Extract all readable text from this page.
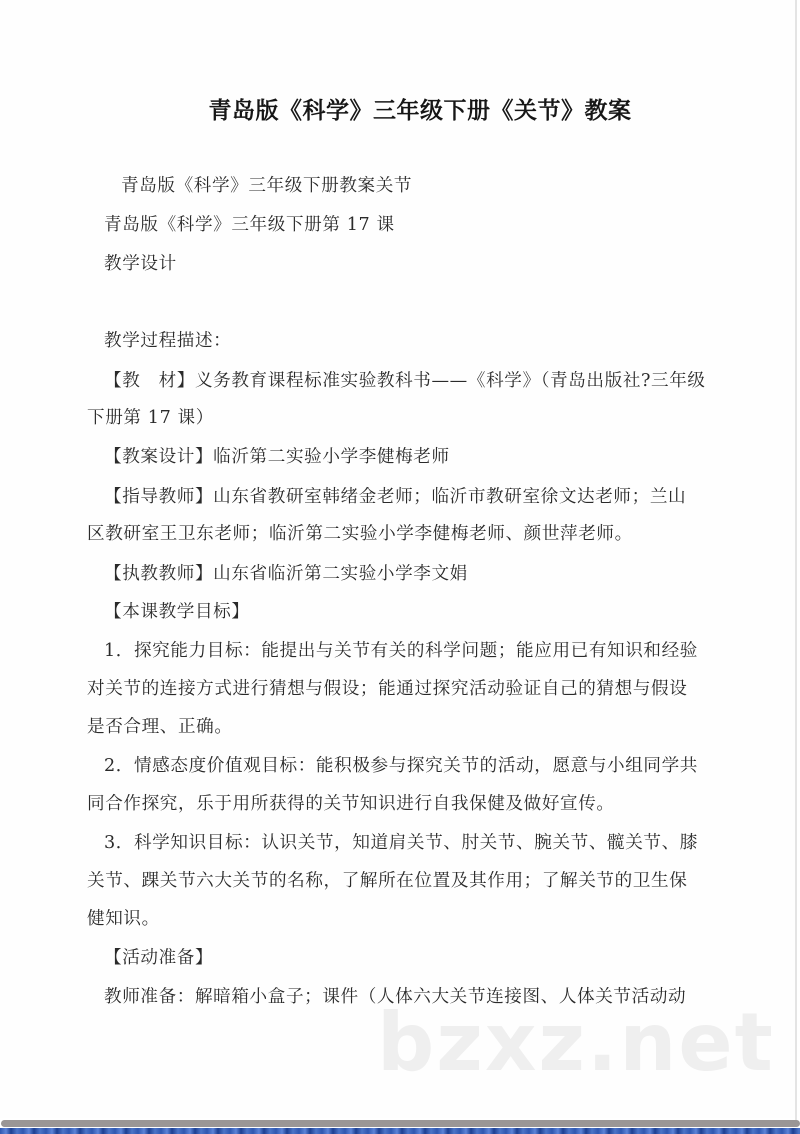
青岛版《科学》三年级下册《关节》教案
青岛版《科学》三年级下册教案关节
青岛版《科学》三年级下册第 17 课
教学设计
教学过程描述：
【教　材】义务教育课程标准实验教科书——《科学》（青岛出版社?三年级
下册第 17 课）
【教案设计】临沂第二实验小学李健梅老师
【指导教师】山东省教研室韩绪金老师；临沂市教研室徐文达老师；兰山
区教研室王卫东老师；临沂第二实验小学李健梅老师、颜世萍老师。
【执教教师】山东省临沂第二实验小学李文娟
【本课教学目标】
1．探究能力目标：能提出与关节有关的科学问题；能应用已有知识和经验
对关节的连接方式进行猜想与假设；能通过探究活动验证自己的猜想与假设
是否合理、正确。
2．情感态度价值观目标：能积极参与探究关节的活动，愿意与小组同学共
同合作探究，乐于用所获得的关节知识进行自我保健及做好宣传。
3．科学知识目标：认识关节，知道肩关节、肘关节、腕关节、髋关节、膝
关节、踝关节六大关节的名称，了解所在位置及其作用；了解关节的卫生保
健知识。
【活动准备】
教师准备：解暗箱小盒子；课件（人体六大关节连接图、人体关节活动动
bzxz.net
